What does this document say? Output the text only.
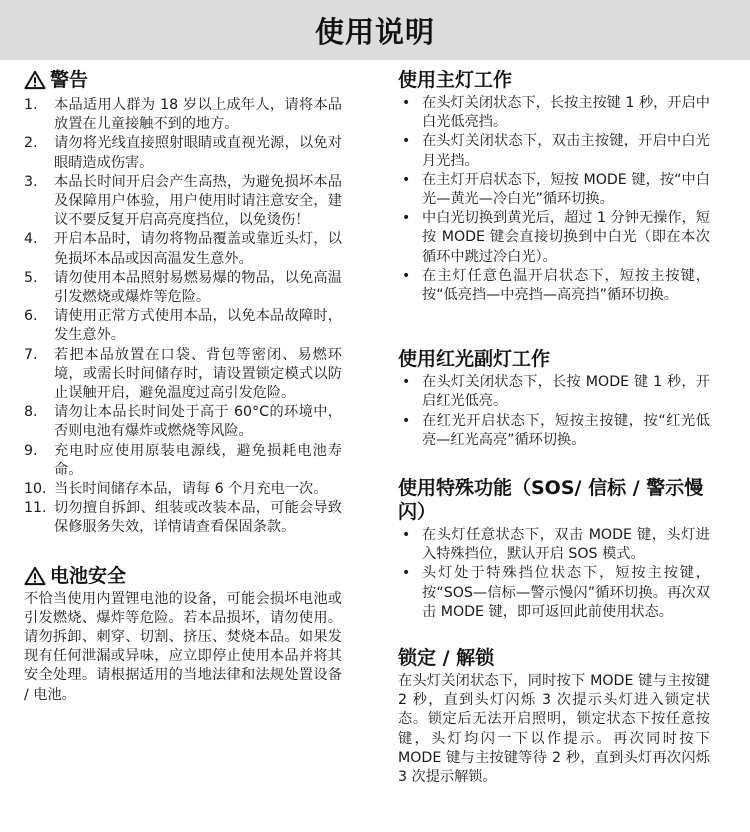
使用说明
警告
1.	本品适用人群为 18 岁以上成年人，请将本品放置在儿童接触不到的地方。
2.	请勿将光线直接照射眼睛或直视光源，以免对眼睛造成伤害。
3.	本品长时间开启会产生高热，为避免损坏本品及保障用户体验，用户使用时请注意安全，建议不要反复开启高亮度挡位，以免烫伤！
4.	开启本品时，请勿将物品覆盖或靠近头灯，以免损坏本品或因高温发生意外。
5.	请勿使用本品照射易燃易爆的物品，以免高温引发燃烧或爆炸等危险。
6.	请使用正常方式使用本品，以免本品故障时，发生意外。
7.	若把本品放置在口袋、背包等密闭、易燃环境，或需长时间储存时，请设置锁定模式以防止误触开启，避免温度过高引发危险。
8.	请勿让本品长时间处于高于 60°C的环境中，否则电池有爆炸或燃烧等风险。
9.	充电时应使用原装电源线，避免损耗电池寿命。
10. 当长时间储存本品，请每 6 个月充电一次。
11. 切勿擅自拆卸、组装或改装本品，可能会导致保修服务失效，详情请查看保固条款。
电池安全

不恰当使用内置锂电池的设备，可能会损坏电池或引发燃烧、爆炸等危险。若本品损坏，请勿使用。请勿拆卸、刺穿、切割、挤压、焚烧本品。如果发现有任何泄漏或异味，应立即停止使用本品并将其安全处理。请根据适用的当地法律和法规处置设备 / 电池。

使用主灯工作
• 在头灯关闭状态下，长按主按键 1 秒，开启中白光低亮挡。
• 在头灯关闭状态下，双击主按键，开启中白光月光挡。
• 在主灯开启状态下，短按 MODE 键，按“中白光—黄光—冷白光”循环切换。
• 中白光切换到黄光后，超过 1 分钟无操作，短按 MODE 键会直接切换到中白光（即在本次循环中跳过冷白光）。
• 在主灯任意色温开启状态下，短按主按键，按“低亮挡—中亮挡—高亮挡”循环切换。
使用红光副灯工作
• 在头灯关闭状态下，长按 MODE 键 1 秒，开启红光低亮。
• 在红光开启状态下，短按主按键，按“红光低亮—红光高亮”循环切换。
使用特殊功能（SOS/ 信标 / 警示慢闪）
• 在头灯任意状态下，双击 MODE 键，头灯进入特殊挡位，默认开启 SOS 模式。
• 头灯处于特殊挡位状态下，短按主按键，按“SOS—信标—警示慢闪”循环切换。再次双击 MODE 键，即可返回此前使用状态。
锁定 / 解锁

在头灯关闭状态下，同时按下 MODE 键与主按键 2 秒，直到头灯闪烁 3 次提示头灯进入锁定状态。锁定后无法开启照明，锁定状态下按任意按键，头灯均闪一下以作提示。再次同时按下 MODE 键与主按键等待 2 秒，直到头灯再次闪烁 3 次提示解锁。
